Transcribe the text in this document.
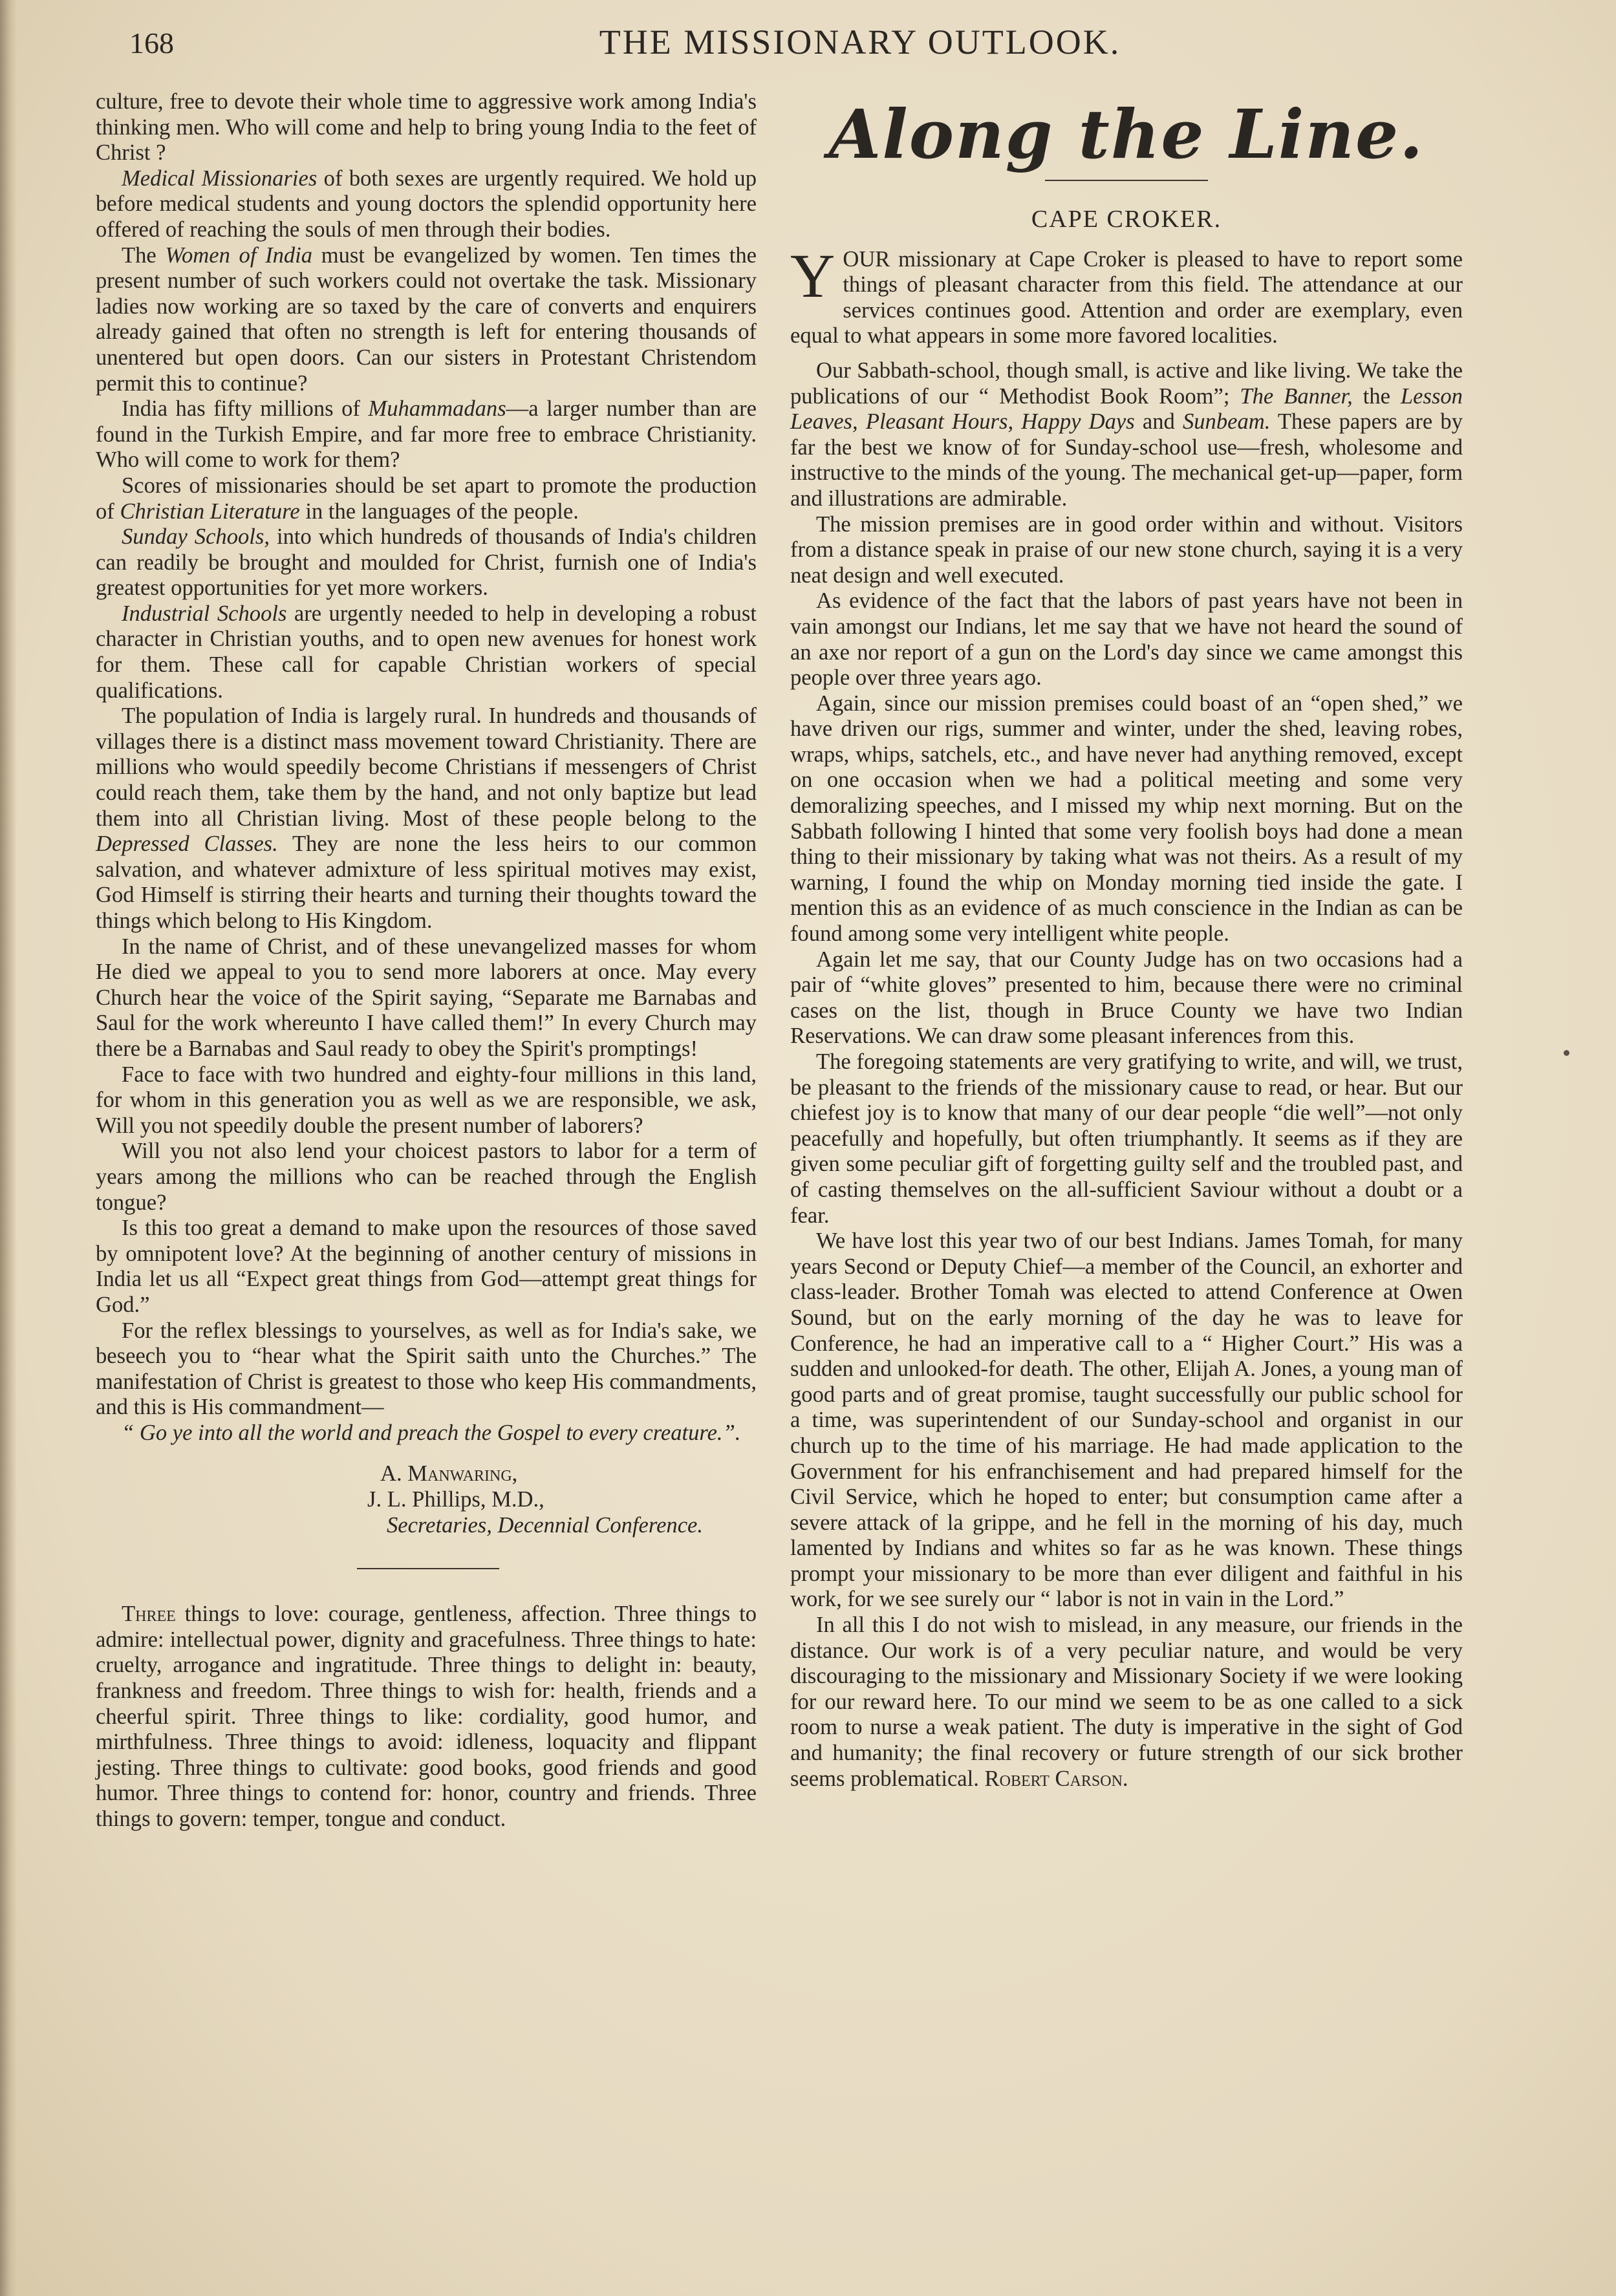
168	THE MISSIONARY OUTLOOK.

culture, free to devote their whole time to aggressive work among India's thinking men. Who will come and help to bring young India to the feet of Christ ?

Medical Missionaries of both sexes are urgently required. We hold up before medical students and young doctors the splendid opportunity here offered of reaching the souls of men through their bodies.

The Women of India must be evangelized by women. Ten times the present number of such workers could not overtake the task. Missionary ladies now working are so taxed by the care of converts and enquirers already gained that often no strength is left for entering thousands of unentered but open doors. Can our sisters in Protestant Christendom permit this to continue?

India has fifty millions of Muhammadans—a larger number than are found in the Turkish Empire, and far more free to embrace Christianity. Who will come to work for them?

Scores of missionaries should be set apart to promote the production of Christian Literature in the languages of the people.

Sunday Schools, into which hundreds of thousands of India's children can readily be brought and moulded for Christ, furnish one of India's greatest opportunities for yet more workers.

Industrial Schools are urgently needed to help in developing a robust character in Christian youths, and to open new avenues for honest work for them. These call for capable Christian workers of special qualifications.

The population of India is largely rural. In hundreds and thousands of villages there is a distinct mass movement toward Christianity. There are millions who would speedily become Christians if messengers of Christ could reach them, take them by the hand, and not only baptize but lead them into all Christian living. Most of these people belong to the Depressed Classes. They are none the less heirs to our common salvation, and whatever admixture of less spiritual motives may exist, God Himself is stirring their hearts and turning their thoughts toward the things which belong to His Kingdom.

In the name of Christ, and of these unevangelized masses for whom He died we appeal to you to send more laborers at once. May every Church hear the voice of the Spirit saying, “Separate me Barnabas and Saul for the work whereunto I have called them!” In every Church may there be a Barnabas and Saul ready to obey the Spirit's promptings!

Face to face with two hundred and eighty-four millions in this land, for whom in this generation you as well as we are responsible, we ask, Will you not speedily double the present number of laborers?

Will you not also lend your choicest pastors to labor for a term of years among the millions who can be reached through the English tongue?

Is this too great a demand to make upon the resources of those saved by omnipotent love? At the beginning of another century of missions in India let us all “Expect great things from God—attempt great things for God.”

For the reflex blessings to yourselves, as well as for India's sake, we beseech you to “hear what the Spirit saith unto the Churches.” The manifestation of Christ is greatest to those who keep His commandments, and this is His commandment—

“ Go ye into all the world and preach the Gospel to every creature.”.

A. Manwaring,
J. L. Phillips, M.D.,
Secretaries, Decennial Conference.

Three things to love: courage, gentleness, affection. Three things to admire: intellectual power, dignity and gracefulness. Three things to hate: cruelty, arrogance and ingratitude. Three things to delight in: beauty, frankness and freedom. Three things to wish for: health, friends and a cheerful spirit. Three things to like: cordiality, good humor, and mirthfulness. Three things to avoid: idleness, loquacity and flippant jesting. Three things to cultivate: good books, good friends and good humor. Three things to contend for: honor, country and friends. Three things to govern: temper, tongue and conduct.

Along the Line.
CAPE CROKER.

YOUR missionary at Cape Croker is pleased to have to report some things of pleasant character from this field. The attendance at our services continues good. Attention and order are exemplary, even equal to what appears in some more favored localities.

Our Sabbath-school, though small, is active and like living. We take the publications of our “ Methodist Book Room”; The Banner, the Lesson Leaves, Pleasant Hours, Happy Days and Sunbeam. These papers are by far the best we know of for Sunday-school use—fresh, wholesome and instructive to the minds of the young. The mechanical get-up—paper, form and illustrations are admirable.

The mission premises are in good order within and without. Visitors from a distance speak in praise of our new stone church, saying it is a very neat design and well executed.

As evidence of the fact that the labors of past years have not been in vain amongst our Indians, let me say that we have not heard the sound of an axe nor report of a gun on the Lord's day since we came amongst this people over three years ago.

Again, since our mission premises could boast of an “open shed,” we have driven our rigs, summer and winter, under the shed, leaving robes, wraps, whips, satchels, etc., and have never had anything removed, except on one occasion when we had a political meeting and some very demoralizing speeches, and I missed my whip next morning. But on the Sabbath following I hinted that some very foolish boys had done a mean thing to their missionary by taking what was not theirs. As a result of my warning, I found the whip on Monday morning tied inside the gate. I mention this as an evidence of as much conscience in the Indian as can be found among some very intelligent white people.

Again let me say, that our County Judge has on two occasions had a pair of “white gloves” presented to him, because there were no criminal cases on the list, though in Bruce County we have two Indian Reservations. We can draw some pleasant inferences from this.

The foregoing statements are very gratifying to write, and will, we trust, be pleasant to the friends of the missionary cause to read, or hear. But our chiefest joy is to know that many of our dear people “die well”—not only peacefully and hopefully, but often triumphantly. It seems as if they are given some peculiar gift of forgetting guilty self and the troubled past, and of casting themselves on the all-sufficient Saviour without a doubt or a fear.

We have lost this year two of our best Indians. James Tomah, for many years Second or Deputy Chief—a member of the Council, an exhorter and class-leader. Brother Tomah was elected to attend Conference at Owen Sound, but on the early morning of the day he was to leave for Conference, he had an imperative call to a “ Higher Court.” His was a sudden and unlooked-for death. The other, Elijah A. Jones, a young man of good parts and of great promise, taught successfully our public school for a time, was superintendent of our Sunday-school and organist in our church up to the time of his marriage. He had made application to the Government for his enfranchisement and had prepared himself for the Civil Service, which he hoped to enter; but consumption came after a severe attack of la grippe, and he fell in the morning of his day, much lamented by Indians and whites so far as he was known. These things prompt your missionary to be more than ever diligent and faithful in his work, for we see surely our “ labor is not in vain in the Lord.”

In all this I do not wish to mislead, in any measure, our friends in the distance. Our work is of a very peculiar nature, and would be very discouraging to the missionary and Missionary Society if we were looking for our reward here. To our mind we seem to be as one called to a sick room to nurse a weak patient. The duty is imperative in the sight of God and humanity; the final recovery or future strength of our sick brother seems problematical. Robert Carson.
